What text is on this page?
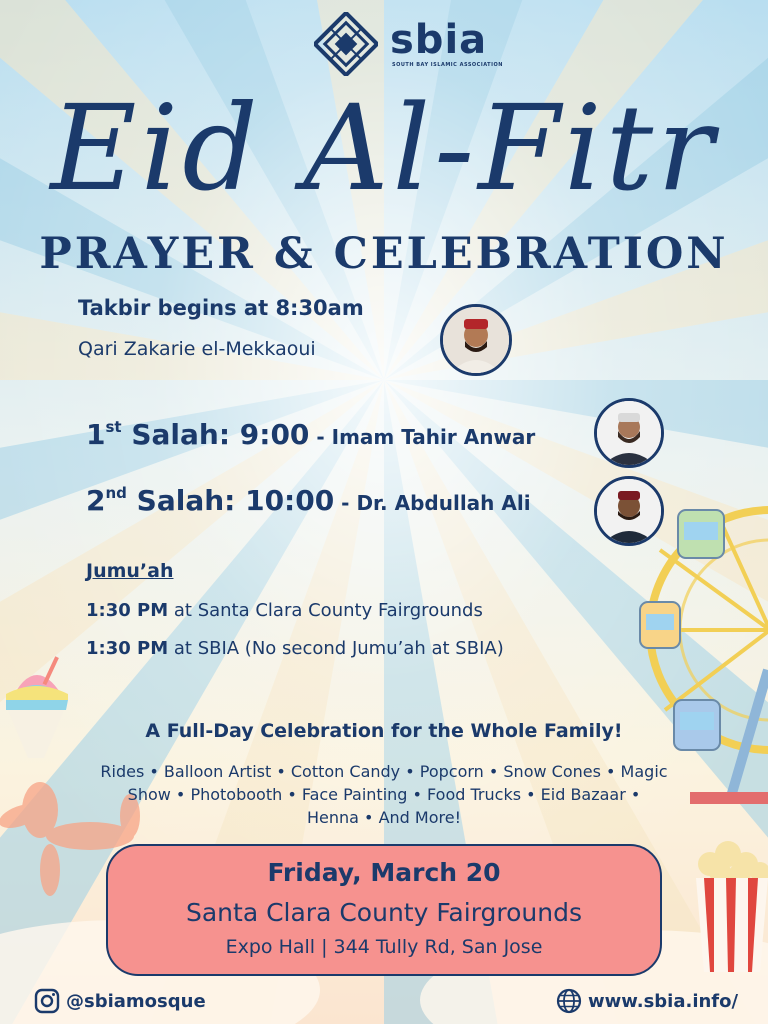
sbia
SOUTH BAY ISLAMIC ASSOCIATION
Eid Al-Fitr
PRAYER & CELEBRATION
Takbir begins at 8:30am
Qari Zakarie el-Mekkaoui
1st Salah: 9:00 - Imam Tahir Anwar
2nd Salah: 10:00 - Dr. Abdullah Ali
Jumu’ah
1:30 PM at Santa Clara County Fairgrounds
1:30 PM at SBIA (No second Jumu’ah at SBIA)
A Full-Day Celebration for the Whole Family!
Rides • Balloon Artist • Cotton Candy • Popcorn • Snow Cones • Magic Show • Photobooth • Face Painting • Food Trucks • Eid Bazaar • Henna • And More!
Friday, March 20
Santa Clara County Fairgrounds
Expo Hall | 344 Tully Rd, San Jose
@sbiamosque	www.sbia.info/
